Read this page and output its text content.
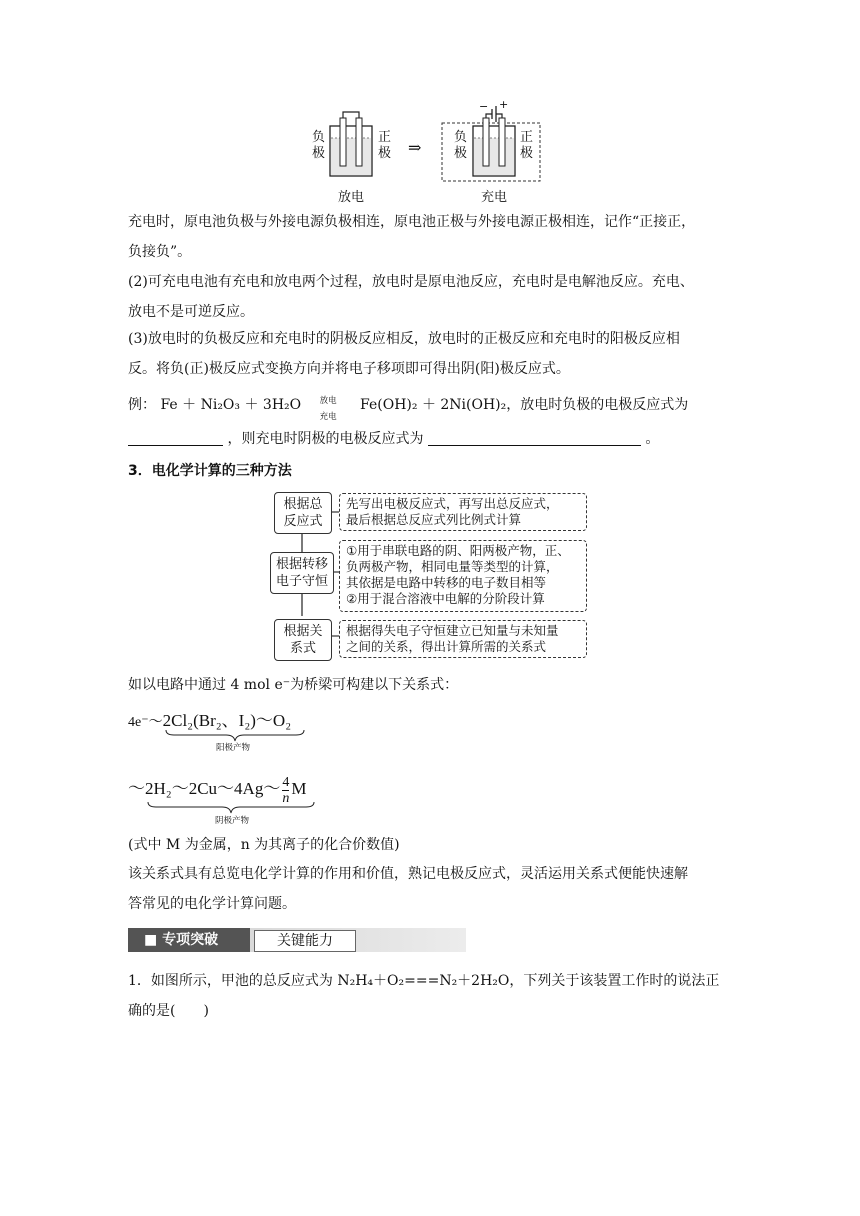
负极
正极 ⇒
负极
正极
− +
放电	充电
充电时，原电池负极与外接电源负极相连，原电池正极与外接电源正极相连，记作“正接正，
负接负”。
(2)可充电电池有充电和放电两个过程，放电时是原电池反应，充电时是电解池反应。充电、
放电不是可逆反应。
(3)放电时的负极反应和充电时的阴极反应相反，放电时的正极反应和充电时的阳极反应相
反。将负(正)极反应式变换方向并将电子移项即可得出阴(阳)极反应式。
例： Fe ＋ Ni₂O₃ ＋ 3H₂O 放电
充电
Fe(OH)₂ ＋ 2Ni(OH)₂，放电时负极的电极反应式为
，则充电时阴极的电极反应式为	。
3．电化学计算的三种方法
根据总
反应式
先写出电极反应式，再写出总反应式，
最后根据总反应式列比例式计算
根据转移
电子守恒
①用于串联电路的阴、阳两极产物，正、
负两极产物，相同电量等类型的计算，
其依据是电路中转移的电子数目相等
②用于混合溶液中电解的分阶段计算
根据关
系式
根据得失电子守恒建立已知量与未知量
之间的关系，得出计算所需的关系式
如以电路中通过 4 mol e⁻为桥梁可构建以下关系式：
4e⁻～2Cl₂(Br₂、I₂)～O₂
阳极产物
～2H₂～2Cu～4Ag～ $\frac{4}{n}$ M
阴极产物
(式中 M 为金属，n 为其离子的化合价数值)
该关系式具有总览电化学计算的作用和价值，熟记电极反应式，灵活运用关系式便能快速解
答常见的电化学计算问题。
■ 专项突破	关键能力
1．如图所示，甲池的总反应式为 N₂H₄＋O₂===N₂＋2H₂O，下列关于该装置工作时的说法正
确的是(　　)
